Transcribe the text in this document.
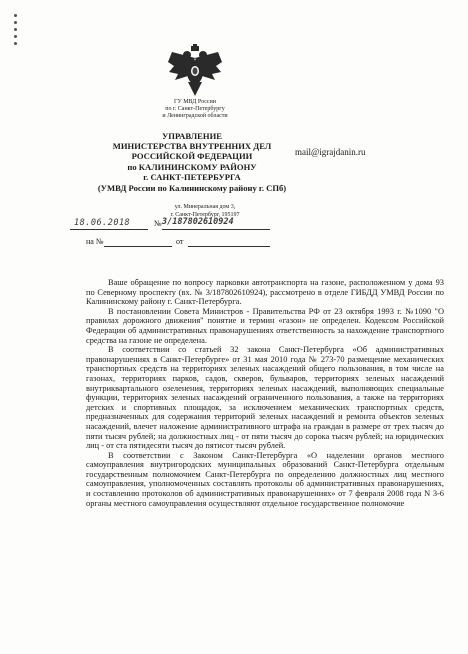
ГУ МВД России
по г. Санкт-Петербургу
и Ленинградской области
УПРАВЛЕНИЕ
МИНИСТЕРСТВА ВНУТРЕННИХ ДЕЛ
РОССИЙСКОЙ ФЕДЕРАЦИИ
по КАЛИНИНСКОМУ РАЙОНУ
г. САНКТ-ПЕТЕРБУРГА
(УМВД России по Калининскому району г. СПб)
mail@igrajdanin.ru
ул. Минеральная дом 3,
г. Санкт-Петербург, 195197
18.06.2018	№ 3/187802610924
на №	от

Ваше обращение по вопросу парковки автотранспорта на газоне, расположенном у дома 93 по Северному проспекту (вх. № 3/187802610924), рассмотрено в отделе ГИБДД УМВД России по Калининскому району г. Санкт-Петербурга.

В постановлении Совета Министров - Правительства РФ от 23 октября 1993 г. №1090 "О правилах дорожного движения" понятие и термин «газон» не определен. Кодексом Российской Федерации об административных правонарушениях ответственность за нахождение транспортного средства на газоне не определена.

В соответствии со статьей 32 закона Санкт-Петербурга «Об административных правонарушениях в Санкт-Петербурге» от 31 мая 2010 года № 273-70 размещение механических транспортных средств на территориях зеленых насаждений общего пользования, в том числе на газонах, территориях парков, садов, скверов, бульваров, территориях зеленых насаждений внутриквартального озеленения, территориях зеленых насаждений, выполняющих специальные функции, территориях зеленых насаждений ограниченного пользования, а также на территориях детских и спортивных площадок, за исключением механических транспортных средств, предназначенных для содержания территорий зеленых насаждений и ремонта объектов зеленых насаждений, влечет наложение административного штрафа на граждан в размере от трех тысяч до пяти тысяч рублей; на должностных лиц - от пяти тысяч до сорока тысяч рублей; на юридических лиц - от ста пятидесяти тысяч до пятисот тысяч рублей.

В соответствии с Законом Санкт-Петербурга «О наделении органов местного самоуправления внутригородских муниципальных образований Санкт-Петербурга отдельным государственным полномочием Санкт-Петербурга по определению должностных лиц местного самоуправления, уполномоченных составлять протоколы об административных правонарушениях, и составлению протоколов об административных правонарушениях» от 7 февраля 2008 года N 3-6 органы местного самоуправления осуществляют отдельное государственное полномочие
